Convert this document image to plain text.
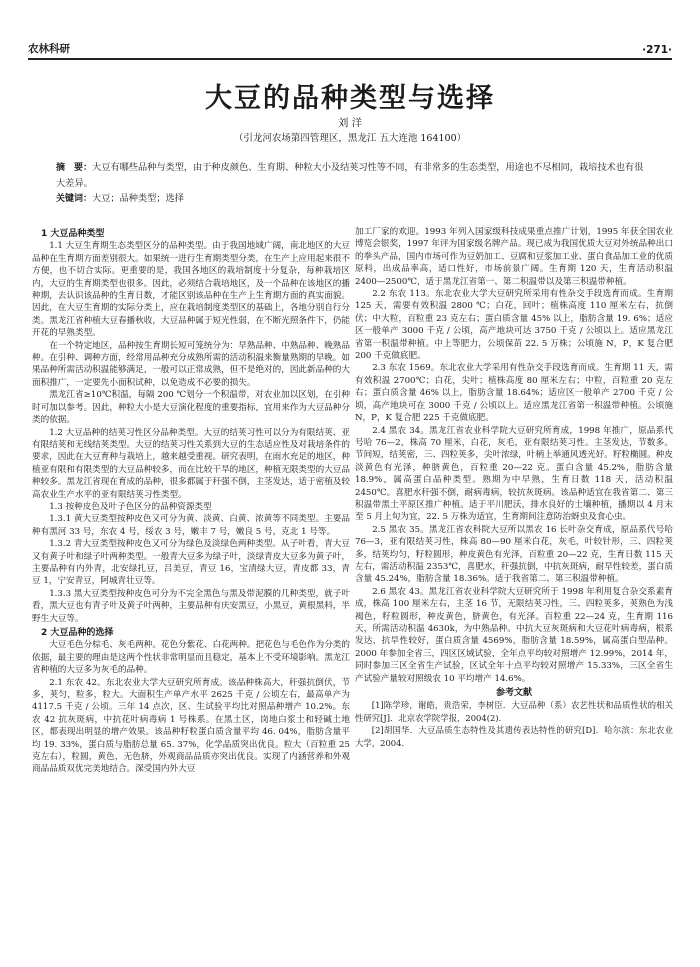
农林科研	·271·
大豆的品种类型与选择
刘 洋
（引龙河农场第四管理区，黑龙江 五大连池 164100）
摘　要：大豆有哪些品种与类型，由于种皮颜色、生育期、种粒大小及结荚习性等不同，有非常多的生态类型，用途也不尽相同，栽培技术也有很大差异。
关键词：大豆；品种类型；选择
1 大豆品种类型

1.1 大豆生育期生态类型区分的品种类型。由于我国地域广阔，南北地区的大豆品种在生育期方面差别很大。如果统一进行生育期类型分类，在生产上应用起来很不方便，也不切合实际。更重要的是，我国各地区的栽培制度十分复杂，每种栽培区内，大豆的生育期类型也很多。因此，必须结合栽培地区，及一个品种在该地区的播种期，去认识该品种的生育日数，才能区别该品种在生产上生育期方面的真实面貌。因此，在大豆生育期的实际分类上，应在栽培制度类型区的基础上，各地分别自行分类。黑龙江省种植大豆春播秋收，大豆品种属于短光性弱，在不断光照条件下，仍能开花的早熟类型。

在一个特定地区，品种按生育期长短可笼统分为：早熟品种、中熟品种、晚熟品种。在引种、调种方面，经常用品种充分成熟所需的活动积温来衡量熟期的早晚。如果品种所需活动积温能够满足，一般可以正常成熟，但不是绝对的，因此新品种的大面积推广，一定要先小面积试种，以免造成不必要的损失。

黑龙江省≥10℃积温，每隔 200 ℃划分一个积温带，对农业加以区划，在引种时可加以参考。因此，种粒大小是大豆演化程度的重要指标，宜用来作为大豆品种分类的依据。

1.2 大豆品种的结荚习性区分品种类型。大豆的结荚习性可以分为有限结荚、亚有限结荚和无线结荚类型。大豆的结荚习性关系到大豆的生态适应性及对栽培条件的要求，因此在大豆育种与栽培上，越来越受重视。研究表明，在雨水充足的地区，种植亚有限和有限类型的大豆品种较多，而在比较干旱的地区，种植无限类型的大豆品种较多。黑龙江省现在育成的品种，很多都属于秆强不倒，主茎发达，适于密植及较高农业生产水平的亚有限结荚习性类型。

1.3 按种皮色及叶子色区分的品种资源类型

1.3.1 黄大豆类型按种皮色又可分为黄、淡黄、白黄、浓黄等不同类型。主要品种有黑河 33 号，东农 4 号，绥农 3 号，嫩丰 7 号，嫩良 5 号，克北 1 号等。

1.3.2 青大豆类型按种皮色又可分为绿色及淡绿色两种类型。从子叶看，青大豆又有黄子叶和绿子叶两种类型。一般青大豆多为绿子叶，淡绿青皮大豆多为黄子叶，主要品种有内外青，北安绿扎豆，吕美豆，青豆 16，宝清绿大豆，青皮都 33，青豆 1，宁安青豆，阿城青壮豆等。

1.3.3 黑大豆类型按种皮色可分为不完全黑色与黑及带泥膜的几种类型，就子叶看，黑大豆也有青子叶及黄子叶两种，主要品种有庆安黑豆，小黑豆，黄根黑料，半野生大豆等。

2 大豆品种的选择

大豆毛色分棕毛、灰毛两种。花色分紫花、白花两种。把花色与毛色作为分类的依据，最主要的理由是这两个性状非常明显而且稳定，基本上不受环境影响。黑龙江省种植的大豆多为灰毛的品种。

2.1 东农 42。东北农业大学大豆研究所育成。该品种株高大，秆强抗倒伏，节多，荚匀，粒多，粒大。大面积生产单产水平 2625 千克 / 公顷左右，最高单产为 4117.5 千克 / 公顷。三年 14 点次，区、生试验平均比对照品种增产 10.2%。东农 42 抗灰斑病，中抗花叶病毒病 1 号株系。在黑土区，岗地白浆土和轻碱土地区，都表现出明显的增产效果。该品种籽粒蛋白质含量平均 46. 04%，脂肪含量平均 19. 33%，蛋白质与脂肪总量 65. 37%，化学品质突出优良。粒大（百粒重 25 克左右），粒圆，黄色，无色脐，外观商品品质亦突出优良。实现了内涵营养和外观商品品质双优完美地结合。深受国内外大豆

加工厂家的欢迎。1993 年列入国家级科技成果重点推广计划，1995 年获全国农业博览会银奖，1997 年评为国家级名牌产品。现已成为我国优质大豆对外统品种出口的拳头产品，国内市场可作为豆奶加工、豆腐和豆浆加工业、蛋白食品加工业的优质原料，出成品率高，适口性好，市场前景广阔。生育期 120 天，生育活动积温 2400—2500℃，适于黑龙江省第一、第二积温带以及第三积温带种植。

2.2 东农 113。东北农业大学大豆研究所采用有性杂交手段选育而成。生育期 125 天，需要有效积温 2800 ℃；白花，回叶；植株高度 110 厘米左右，抗倒伏；中大粒，百粒重 23 克左右；蛋白质含量 45% 以上，脂肪含量 19. 6%；适应区一般单产 3000 千克 / 公顷，高产地块可达 3750 千克 / 公顷以上。适应黑龙江省第一积温带种植。中上等肥力，公顷保苗 22. 5 万株；公顷施 N，P，K 复合肥 200 千克做底肥。

2.3 东农 1569。东北农业大学采用有性杂交手段选育而成。生育期 11 天，需有效积温 2700℃；白花，尖叶；植株高度 80 厘米左右；中粒，百粒重 20 克左右；蛋白质含量 46% 以上，脂肪含量 18.64%；适应区一般单产 2700 千克 / 公顷，高产地块可在 3000 千克 / 公顷以上。适应黑龙江省第一积温带种植。公顷施 N，P，K 复合肥 225 千克做底肥。

2.4 黑农 34。黑龙江省农业科学院大豆研究所育成，1998 年推广，原品系代号哈 76—2，株高 70 厘米，白花，灰毛，亚有限结荚习性。主茎发达，节数多。节间短，结荚密，三、四粒荚多，尖叶浓绿，叶柄上举通风透光好。籽粒椭圆。种皮淡黄色有光泽，种脐黄色，百粒重 20—22 克。蛋白含量 45.2%，脂肪含量 18.9%，属高蛋白品种类型。熟期为中早熟，生育日数 118 天，活动积温 2450℃。喜肥水秆强不倒，耐病毒病，较抗灰斑病。该品种适宜在我省第二、第三积温带黑土平原区推广种植。适于平川肥沃，排水良好的土壤种植，播期以 4 月末至 5 月上旬为宜，22. 5 万株为适宜，生育期间注意防治蚜虫及食心虫。

2.5 黑农 35。黑龙江省农科院大豆所以黑农 16 长叶杂交育成，原品系代号哈 76—3，亚有限结荚习性，株高 80—90 厘米白花，灰毛，叶较针形，三、四粒荚多，结荚均匀，籽粒圆形，种皮黄色有光泽，百粒重 20—22 克，生育日数 115 天左右，需活动积温 2353℃，喜肥水，秆强抗倒，中抗灰斑病，耐早性较差，蛋白质含量 45.24%，脂肪含量 18.36%。适于我省第二、第三积温带种植。

2.6 黑农 43。黑龙江省农业科学院大豆研究所于 1998 年利用复合杂交系素育成，株高 100 厘米左右，主茎 16 节，无限结荚习性，三、四粒荚多，荚熟色为浅褐色，籽粒圆形，种皮黄色，脐黄色，有光泽。百粒重 22—24 克，生育期 116 天，所需活动积温 4630k，为中熟品种。中抗大豆灰斑病和大豆花叶病毒病，根系发达，抗旱性较好，蛋白质含量 4569%，脂肪含量 18.59%，属高蛋白型品种。2000 年参加全省三，四区区域试验，全年点平均较对照增产 12.99%，2014 年，同时参加三区全省生产试验，区试全年十点平均较对照增产 15.33%，三区全省生产试验产量较对照级农 10 平均增产 14.6%。

参考文献

[1]陈学珍，谢皓，贵浩荣，李树臣．大豆品种（系）农艺性状和品质性状的相关性研究[J]．北京农学院学报，2004(2)．

[2]胡国华．大豆品质生态特性及其遗传表达特性的研究[D]．哈尔滨：东北农业大学，2004．
